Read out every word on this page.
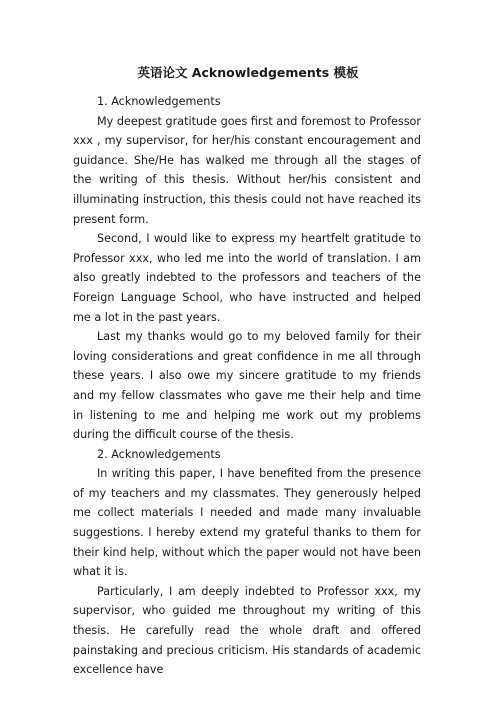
英语论文 Acknowledgements 模板

1. Acknowledgements

My deepest gratitude goes first and foremost to Professor xxx , my supervisor, for her/his constant encouragement and guidance. She/He has walked me through all the stages of the writing of this thesis. Without her/his consistent and illuminating instruction, this thesis could not have reached its present form.

Second, I would like to express my heartfelt gratitude to Professor xxx, who led me into the world of translation. I am also greatly indebted to the professors and teachers of the Foreign Language School, who have instructed and helped me a lot in the past years.

Last my thanks would go to my beloved family for their loving considerations and great confidence in me all through these years. I also owe my sincere gratitude to my friends and my fellow classmates who gave me their help and time in listening to me and helping me work out my problems during the difficult course of the thesis.

2. Acknowledgements

In writing this paper, I have benefited from the presence of my teachers and my classmates. They generously helped me collect materials I needed and made many invaluable suggestions. I hereby extend my grateful thanks to them for their kind help, without which the paper would not have been what it is.

Particularly, I am deeply indebted to Professor xxx, my supervisor, who guided me throughout my writing of this thesis. He carefully read the whole draft and offered painstaking and precious criticism. His standards of academic excellence have
